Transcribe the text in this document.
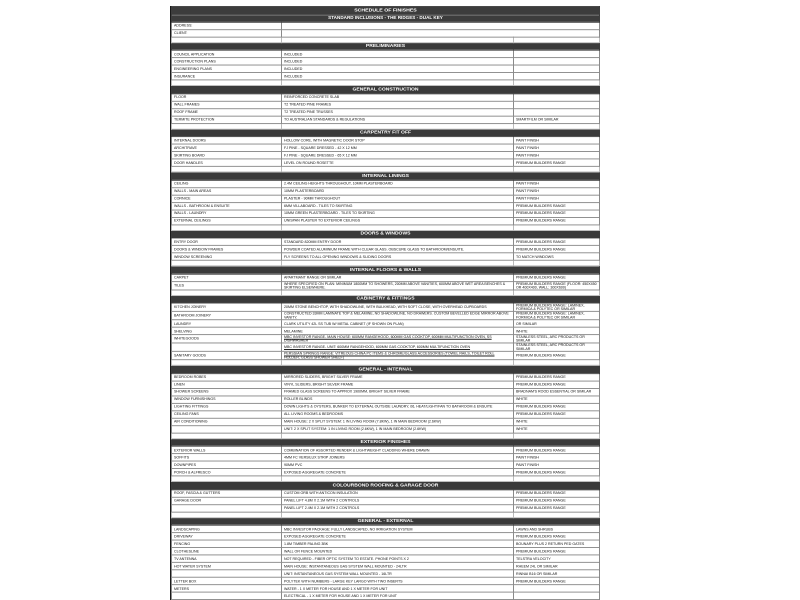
SCHEDULE OF FINISHES		
STANDARD INCLUSIONS - THE RIDGES - DUAL KEY		
ADDRESS:		
CLIENT:		

PRELIMINARIES		
COUNCIL APPLICATION	INCLUDED	
CONSTRUCTION PLANS	INCLUDED	
ENGINEERING PLANS	INCLUDED	
INSURANCE	INCLUDED	

GENERAL CONSTRUCTION		
FLOOR	REINFORCED CONCRETE SLAB	
WALL FRAMES	T2 TREATED PINE FRAMES	
ROOF FRAME	T2 TREATED PINE TRUSSES	
TERMITE PROTECTION	TO AUSTRALIAN STANDARDS & REGULATIONS	SMARTFILM OR SIMILAR

CARPENTRY FIT OFF		
INTERNAL DOORS	HOLLOW CORE, WITH MAGNETIC DOOR STOP	PAINT FINISH
ARCHITRAVE	FJ PINE - SQUARE DRESSED - 42 X 12 MM	PAINT FINISH
SKIRTING BOARD	FJ PINE - SQUARE DRESSED - 65 X 12 MM	PAINT FINISH
DOOR HANDLES	LEVEL ON ROUND ROSETTE	PREMIUM BUILDERS RANGE

INTERNAL LININGS		
CEILING	2.4M CEILING HEIGHTS THROUGHOUT, 10MM PLASTERBOARD	PAINT FINISH
WALLS - MAIN AREAS	10MM PLASTERBOARD	PAINT FINISH
CORNICE	PLASTER - 90MM THROUGHOUT	PAINT FINISH
WALLS - BATHROOM & ENSUITE	6MM VILLABOARD - TILES TO SKIRTING	PREMIUM BUILDERS RANGE
WALLS - LAUNDRY	10MM GREEN PLASTERBOARD - TILES TO SKIRTING	PREMIUM BUILDERS RANGE
EXTERNAL CEILINGS	UNISPAN PLASTER TO EXTERIOR CEILINGS	PREMIUM BUILDERS RANGE

DOORS & WINDOWS		
ENTRY DOOR	STANDARD 820MM ENTRY DOOR	PREMIUM BUILDERS RANGE
DOORS & WINDOW FRAMES	POWDER COATED ALUMINIUM FRAME WITH CLEAR GLASS. OBSCURE GLASS TO BATHROOM/ENSUITE.	PREMIUM BUILDERS RANGE
WINDOW SCREENING	FLY SCREENS TO ALL OPENING WINDOWS & SLIDING DOORS	TO MATCH WINDOWS

INTERNAL FLOORS & WALLS		
CARPET	APARTMANT RANGE OR SIMILAR	PREMIUM BUILDERS RANGE
TILES	WHERE SPECIFIED ON PLAN: MINIMUM 1800MM TO SHOWERS, 200MM ABOVE VANITIES, 600MM ABOVE WET AREA BENCHES & SKIRTING ELSEWHERE.	PREMIUM BUILDERS RANGE (FLOOR: 450X450 OR 400X400, WALL: 300X600)

CABINETRY & FITTINGS		
KITCHEN JOINERY	20MM STONE BENCHTOP, WITH SHADOWLINE, WITH BULKHEAD, WITH SOFT CLOSE, WITH OVERHEAD CUPBOARDS	PREMIUM BUILDERS RANGE: LAMINEX, FORMICA & POLYTEC OR SIMILAR
BATHROOM JOINERY	CONSTRUCTED 33MM LAMINATE TOP & MELAMINE, NO SHADOWLINE, NO DRAWERS. CUSTOM BEVELLED EDGE MIRROR ABOVE VANITY.	PREMIUM BUILDERS RANGE: LAMINEX, FORMICA & POLYTEC OR SIMILAR
LAUNDRY	CLARK UTILITY 42L SS TUB W/ METAL CABINET (IF SHOWN ON PLAN)	OR SIMILAR
SHELVING	MELAMINE	WHITE
WHITEGOODS	MBC INVESTOR RANGE- MAIN HOUSE: 600MM RANGEHOOD, 600MM GAS COOKTOP, 600MM MULTIFUNCTION OVEN, SS DISHWASHER	STAINLESS STEEL, ARC PRODUCTS OR SIMILAR
	MBC INVESTOR RANGE- UNIT: 600MM RANGEHOOD, 600MM GAS COOKTOP, 600MM MULTIFUNCTION OVEN	STAINLESS STEEL, ARC PRODUCTS OR SIMILAR
SANITARY GOODS	PERSSIAN SPRINGS RANGE: VITREOUS CHINA PC ITEMS & CHROME/GLASS ACCESSORIES (TOWEL RAILS, TOILET ROLL HOLDER, GLASS SHOWER SHELF)	PREMIUM BUILDERS RANGE

GENERAL - INTERNAL		
BEDROOM ROBES	MIRRORED SLIDERS, BRIGHT SILVER FRAME	PREMIUM BUILDERS RANGE
LINEN	VINYL SLIDERS, BRIGHT SILVER FRAME	PREMIUM BUILDERS RANGE
SHOWER SCREENS	FRAMED GLASS SCREENS TO APPROX 1900MM, BRIGHT SILVER FRAME	BRADNAM'S ROOD ESSENTIAL OR SIMILAR
WINDOW FURNISHINGS	ROLLER BLINDS	WHITE
LIGHTING FITTINGS	DOWN LIGHTS & OYSTERS, BUNKER TO EXTERNAL OUTSIDE LAUNDRY, 06, HEAT/LIGHT/FAN TO BATHROOM & ENSUITE	PREMIUM BUILDERS RANGE
CEILING FANS	ALL LIVING ROOMS & BEDROOMS	PREMIUM BUILDERS RANGE
AIR CONDITIONING	MAIN HOUSE: 2 X SPLIT SYSTEM: 1 IN LIVING ROOM (7.8KW), 1 IN MAIN BEDROOM (2.6KW)	WHITE
	UNIT: 2 X SPLIT SYSTEM: 1 IN LIVING ROOM (2.6KW), 1 IN MAIN BEDROOM (2.6KW)	WHITE

EXTERIOR FINISHES		
EXTERIOR WALLS	COMBINATION OF ASSORTED RENDER & LIGHTWEIGHT CLADDING WHERE DRAWN	PREMIUM BUILDERS RANGE
SOFFITS	4MM FC VERSILUX STRIP JOINERS	PAINT FINISH
DOWNPIPES	90MM PVC	PAINT FINISH
PORCH & ALFRESCO	EXPOSED AGGREGATE CONCRETE	PREMIUM BUILDERS RANGE

COLOURBOND ROOFING & GARAGE DOOR		
ROOF, FASCIA & GUTTERS	CUSTOM ORB WITH ANTICON INSULATION	PREMIUM BUILDERS RANGE
GARAGE DOOR	PANEL LIFT 4.8M X 2.1M WITH 2 CONTROLS	PREMIUM BUILDERS RANGE
	PANEL LIFT 2.4M X 2.1M WITH 2 CONTROLS	PREMIUM BUILDERS RANGE

GENERAL - EXTERNAL		
LANDSCAPING	MBC INVESTOR PACKAGE: FULLY LANDSCAPED, NO IRRIGATION SYSTEM	LAWNS AND SHRUBS
DRIVEWAY	EXPOSED AGGREGATE CONCRETE	PREMIUM BUILDERS RANGE
FENCING	1.8M TIMBER PALING 3BK	BOUNARY PLUS 2 RETURN PED GATES
CLOTHESLINE	WALL OR FENCE MOUNTED	PREMIUM BUILDERS RANGE
TV ANTENNA	NOT REQUIRED - FIBER OPTIC SYSTEM TO ESTATE. PHONE POINTS X 2	TELSTRA VELOCITY
HOT WATER SYSTEM	MAIN HOUSE: INSTANTANEOUS GAS SYSTEM WALL MOUNTED - 24LTR	RHEEM 24L OR SIMILAR
	UNIT: INSTANTANEOUS GAS SYSTEM WALL MOUNTED - 16LTR	RINNAI B16 OR SIMILAR
LETTER BOX	POLYTEK WITH NUMBERS - LARGE KEY LARGO WITH TWO INSERTS	PREMIUM BUILDERS RANGE
METERS	WATER - 1 X METER FOR HOUSE AND 1 X METER FOR UNIT	
	ELECTRICAL - 1 X METER FOR HOUSE AND 1 X METER FOR UNIT	
